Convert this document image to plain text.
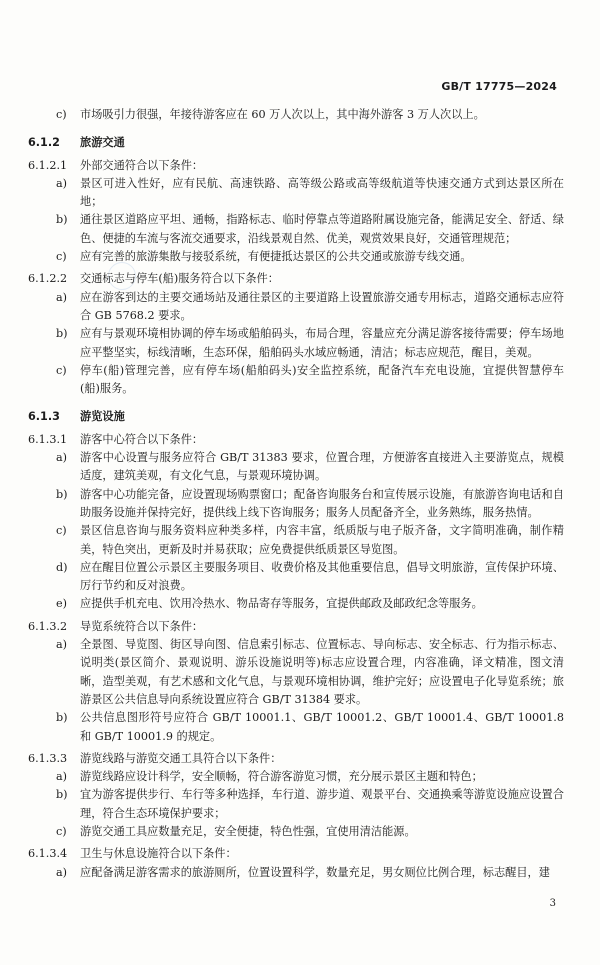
GB/T 17775—2024
c) 市场吸引力很强，年接待游客应在 60 万人次以上，其中海外游客 3 万人次以上。
6.1.2 旅游交通
6.1.2.1 外部交通符合以下条件：
a) 景区可进入性好，应有民航、高速铁路、高等级公路或高等级航道等快速交通方式到达景区所在地；
b) 通往景区道路应平坦、通畅，指路标志、临时停靠点等道路附属设施完备，能满足安全、舒适、绿色、便捷的车流与客流交通要求，沿线景观自然、优美，观赏效果良好，交通管理规范；
c) 应有完善的旅游集散与接驳系统，有便捷抵达景区的公共交通或旅游专线交通。
6.1.2.2 交通标志与停车(船)服务符合以下条件：
a) 应在游客到达的主要交通场站及通往景区的主要道路上设置旅游交通专用标志，道路交通标志应符合 GB 5768.2 要求。
b) 应有与景观环境相协调的停车场或船舶码头，布局合理，容量应充分满足游客接待需要；停车场地应平整坚实，标线清晰，生态环保，船舶码头水域应畅通，清洁；标志应规范，醒目，美观。
c) 停车(船)管理完善，应有停车场(船舶码头)安全监控系统，配备汽车充电设施，宜提供智慧停车(船)服务。
6.1.3 游览设施
6.1.3.1 游客中心符合以下条件：
a) 游客中心设置与服务应符合 GB/T 31383 要求，位置合理，方便游客直接进入主要游览点，规模适度，建筑美观，有文化气息，与景观环境协调。
b) 游客中心功能完备，应设置现场购票窗口；配备咨询服务台和宣传展示设施，有旅游咨询电话和自助服务设施并保持完好，提供线上线下咨询服务；服务人员配备齐全，业务熟练，服务热情。
c) 景区信息咨询与服务资料应种类多样，内容丰富，纸质版与电子版齐备，文字简明准确，制作精美，特色突出，更新及时并易获取；应免费提供纸质景区导览图。
d) 应在醒目位置公示景区主要服务项目、收费价格及其他重要信息，倡导文明旅游，宣传保护环境、厉行节约和反对浪费。
e) 应提供手机充电、饮用冷热水、物品寄存等服务，宜提供邮政及邮政纪念等服务。
6.1.3.2 导览系统符合以下条件：
a) 全景图、导览图、街区导向图、信息索引标志、位置标志、导向标志、安全标志、行为指示标志、说明类(景区简介、景观说明、游乐设施说明等)标志应设置合理，内容准确，译文精准，图文清晰，造型美观，有艺术感和文化气息，与景观环境相协调，维护完好；应设置电子化导览系统；旅游景区公共信息导向系统设置应符合 GB/T 31384 要求。
b) 公共信息图形符号应符合 GB/T 10001.1、GB/T 10001.2、GB/T 10001.4、GB/T 10001.8 和 GB/T 10001.9 的规定。
6.1.3.3 游览线路与游览交通工具符合以下条件：
a) 游览线路应设计科学，安全顺畅，符合游客游览习惯，充分展示景区主题和特色；
b) 宜为游客提供步行、车行等多种选择，车行道、游步道、观景平台、交通换乘等游览设施应设置合理，符合生态环境保护要求；
c) 游览交通工具应数量充足，安全便捷，特色性强，宜使用清洁能源。
6.1.3.4 卫生与休息设施符合以下条件：
a) 应配备满足游客需求的旅游厕所，位置设置科学，数量充足，男女厕位比例合理，标志醒目，建
3
